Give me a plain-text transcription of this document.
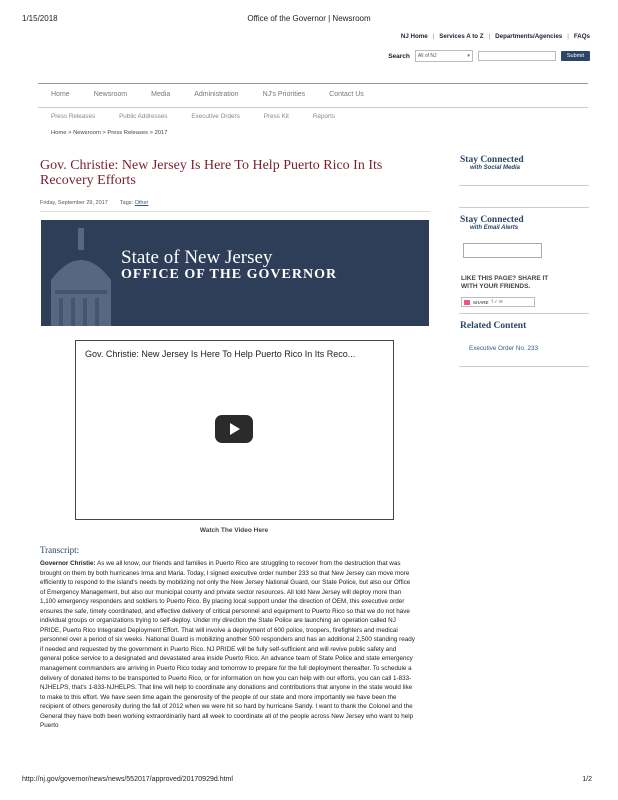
1/15/2018	Office of the Governor | Newsroom
NJ Home | Services A to Z | Departments/Agencies | FAQs
Search All of NJ	▾	Submit
Home	Newsroom	Media	Administration	NJ's Priorities	Contact Us
Press Releases	Public Addresses	Executive Orders	Press Kit	Reports
Home > Newsroom > Press Releases > 2017
Gov. Christie: New Jersey Is Here To Help Puerto Rico In Its Recovery Efforts
Friday, September 29, 2017 Tags: Other
State of New Jersey
OFFICE OF THE GOVERNOR
Gov. Christie: New Jersey Is Here To Help Puerto Rico In Its Reco...
Watch The Video Here
Transcript:
Governor Christie: As we all know, our friends and families in Puerto Rico are struggling to recover from the destruction that was brought on them by both hurricanes Irma and Maria. Today, I signed executive order number 233 so that New Jersey can move more efficiently to respond to the island's needs by mobilizing not only the New Jersey National Guard, our State Police, but also our Office of Emergency Management, but also our municipal county and private sector resources. All told New Jersey will deploy more than 1,100 emergency responders and soldiers to Puerto Rico. By placing local support under the direction of OEM, this executive order ensures the safe, timely coordinated, and effective delivery of critical personnel and equipment to Puerto Rico so that we do not have individual groups or organizations trying to self-deploy. Under my direction the State Police are launching an operation called NJ PRIDE, Puerto Rico Integrated Deployment Effort. That will involve a deployment of 600 police, troopers, firefighters and medical personnel over a period of six weeks. National Guard is mobilizing another 500 responders and has an additional 2,500 standing ready if needed and requested by the government in Puerto Rico. NJ PRIDE will be fully self-sufficient and will revive public safety and general police service to a designated and devastated area inside Puerto Rico. An advance team of State Police and state emergency management commanders are arriving in Puerto Rico today and tomorrow to prepare for the full deployment thereafter. To schedule a delivery of donated items to be transported to Puerto Rico, or for information on how you can help with our efforts, you can call 1-833-NJHELPS, that's 1-833-NJHELPS. That line will help to coordinate any donations and contributions that anyone in the state would like to make to this effort. We have seen time again the generosity of the people of our state and more importantly we have been the recipient of others generosity during the fall of 2012 when we were hit so hard by hurricane Sandy. I want to thank the Colonel and the General they have both been working extraordinarily hard all week to coordinate all of the people across New Jersey who want to help Puerto
Stay Connected
with Social Media
Stay Connected
with Email Alerts
LIKE THIS PAGE? SHARE IT
WITH YOUR FRIENDS.
SHARE f ✓ ✉
Related Content
Executive Order No. 233
http://nj.gov/governor/news/news/552017/approved/20170929d.html	1/2
